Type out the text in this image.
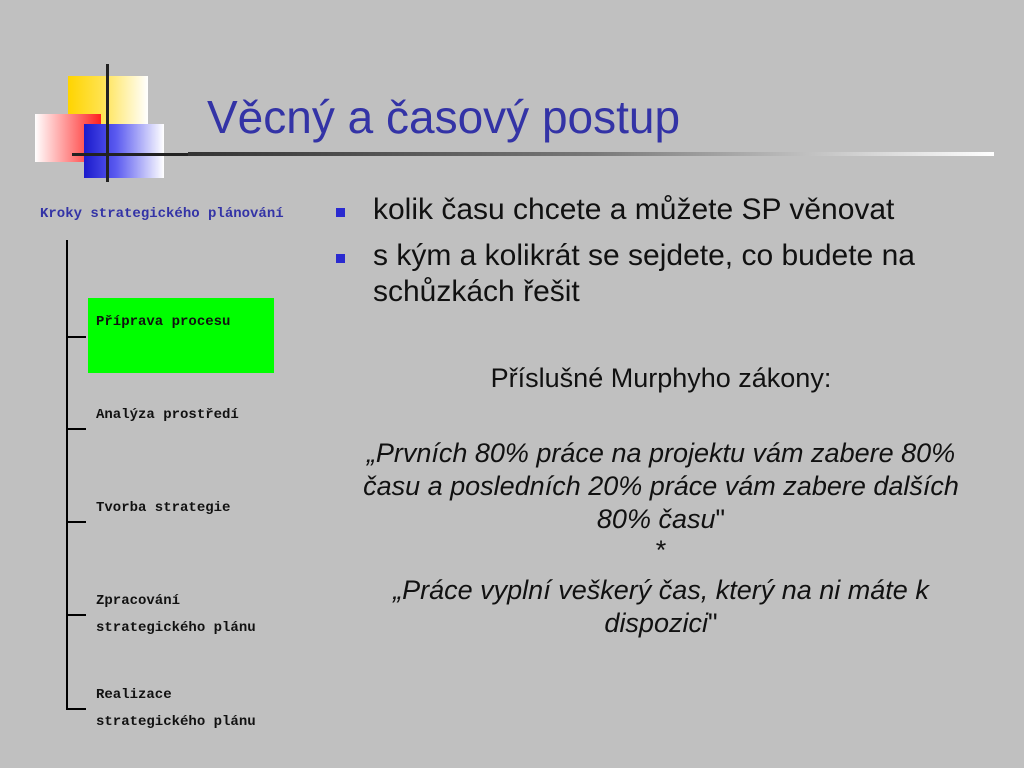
Věcný a časový postup
Kroky strategického plánování
Příprava procesu
Analýza prostředí
Tvorba strategie
Zpracování
strategického plánu
Realizace
strategického plánu
kolik času chcete a můžete SP věnovat
s kým a kolikrát se sejdete, co budete na schůzkách řešit
Příslušné Murphyho zákony:
„Prvních 80% práce na projektu vám zabere 80% času a posledních 20% práce vám zabere dalších 80% času"
*
„Práce vyplní veškerý čas, který na ni máte k dispozici"
